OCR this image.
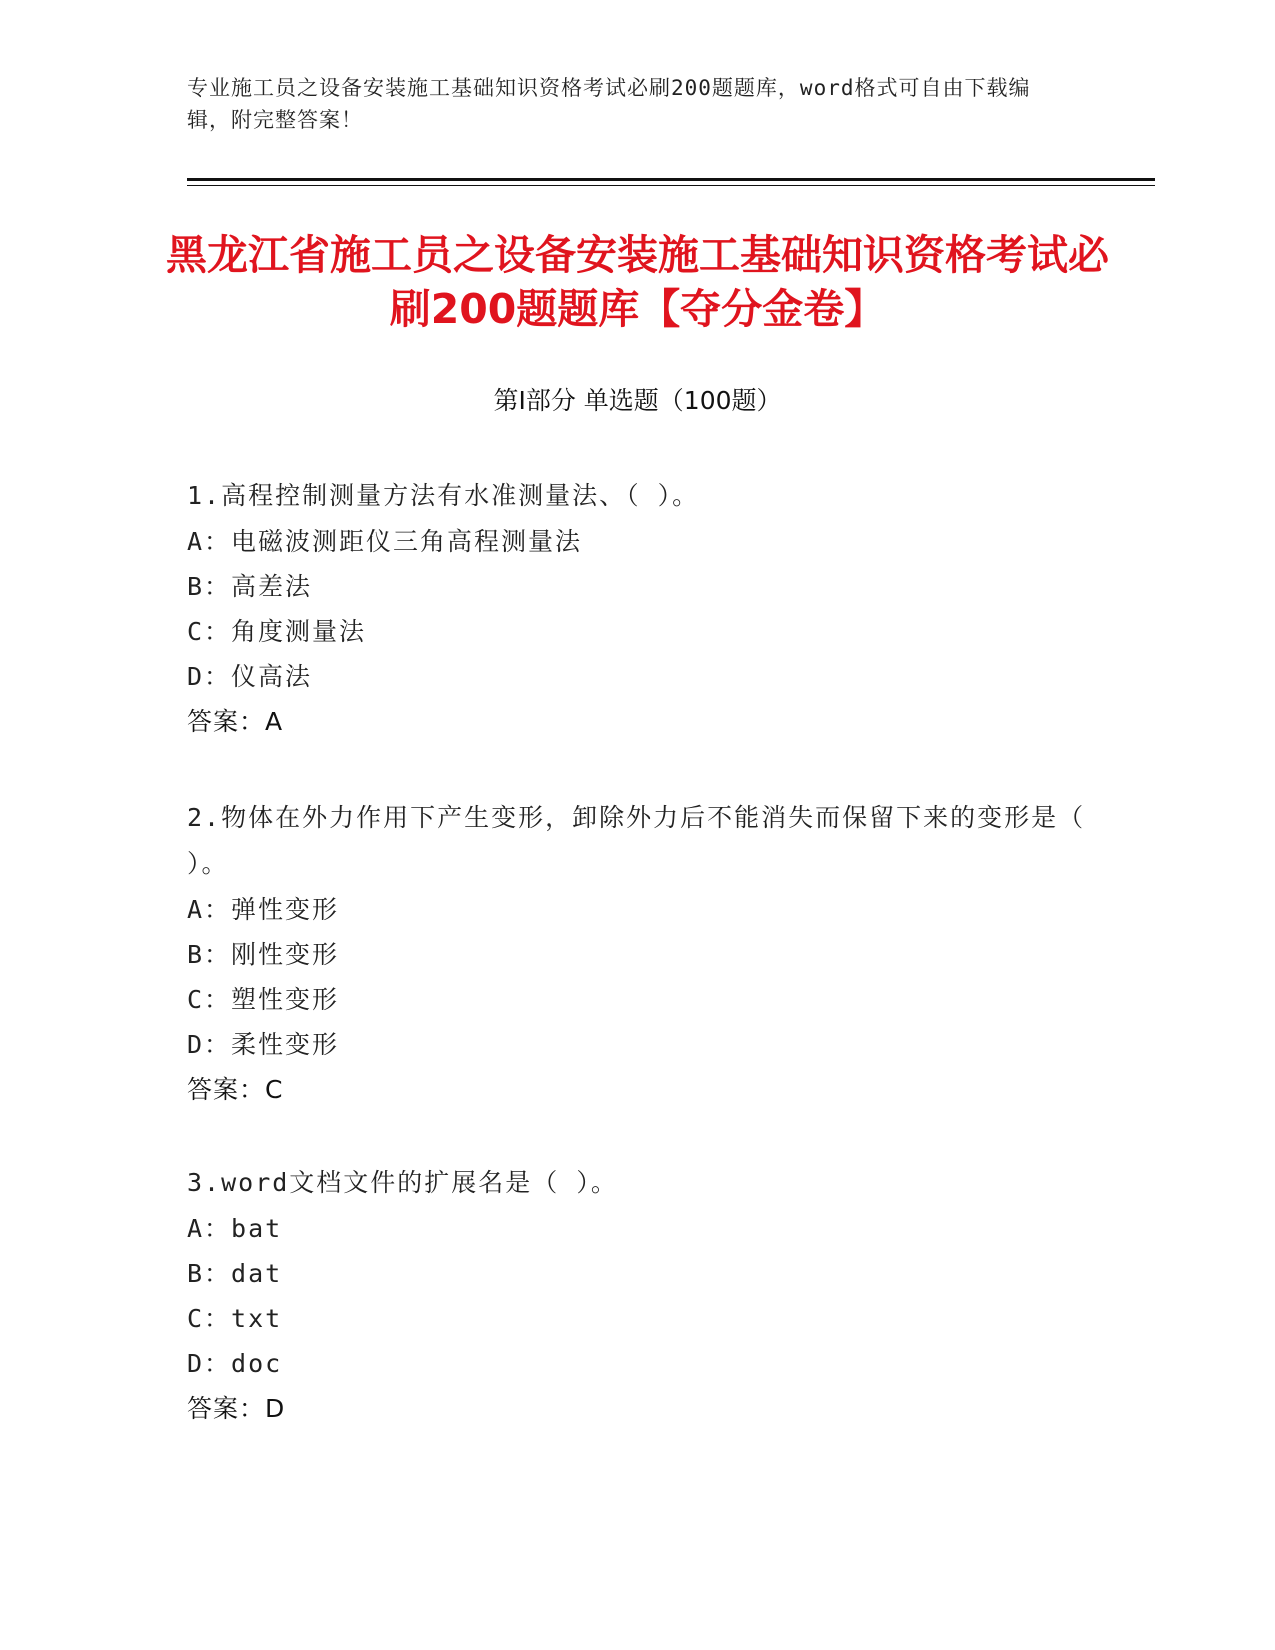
专业施工员之设备安装施工基础知识资格考试必刷200题题库，word格式可自由下载编辑，附完整答案！
黑龙江省施工员之设备安装施工基础知识资格考试必刷200题题库【夺分金卷】
第Ⅰ部分 单选题（100题）
1.高程控制测量方法有水准测量法、（ ）。
A：电磁波测距仪三角高程测量法
B：高差法
C：角度测量法
D：仪高法
答案：A
2.物体在外力作用下产生变形，卸除外力后不能消失而保留下来的变形是（ ）。
A：弹性变形
B：刚性变形
C：塑性变形
D：柔性变形
答案：C
3.word文档文件的扩展名是（ ）。
A：bat
B：dat
C：txt
D：doc
答案：D
